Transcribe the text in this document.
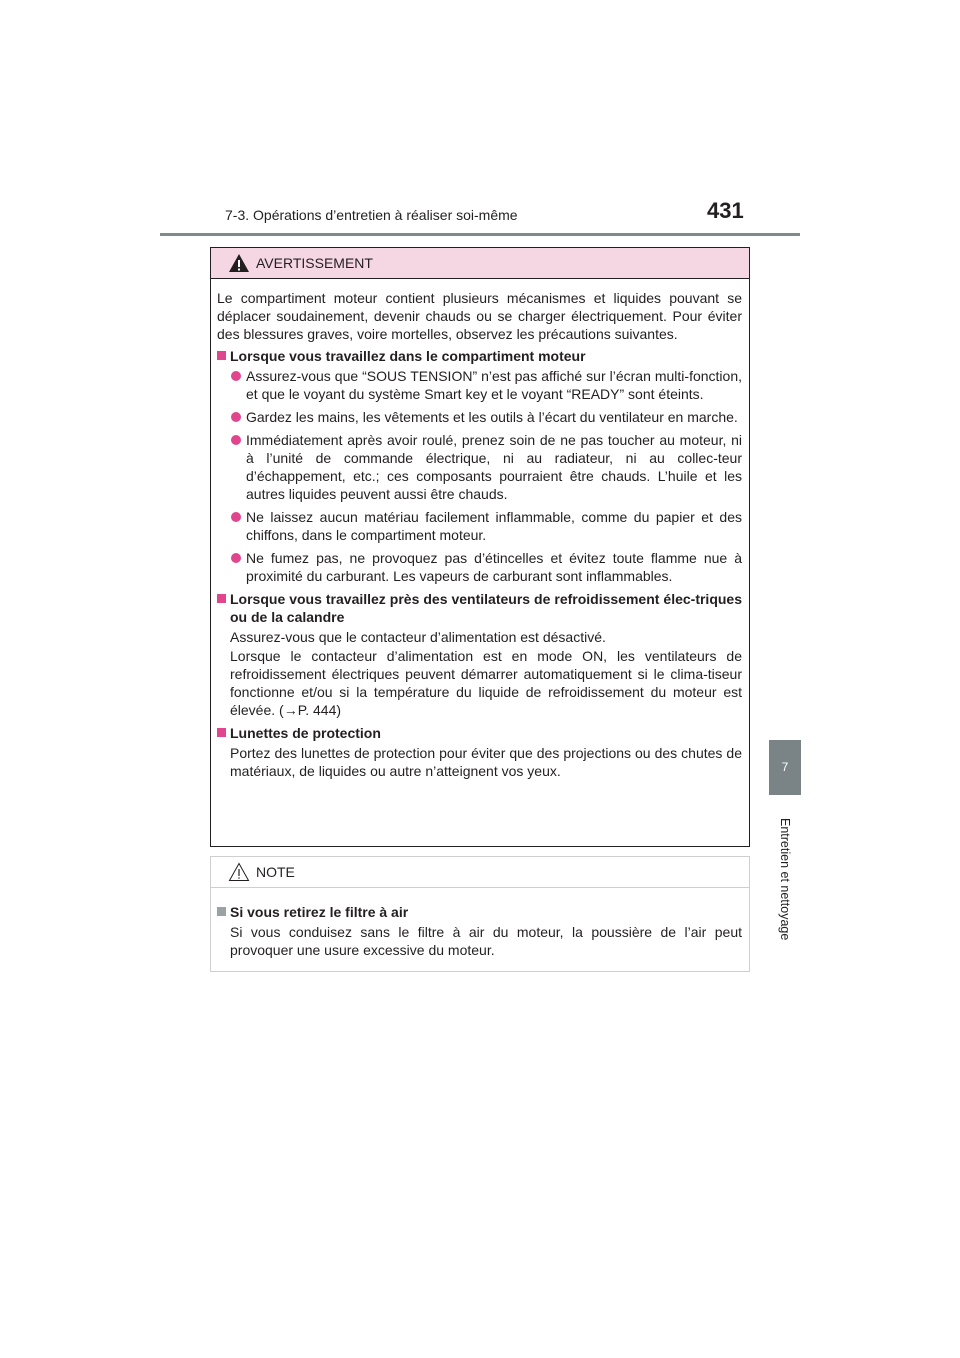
7-3. Opérations d’entretien à réaliser soi-même	431
7
Entretien et nettoyage
AVERTISSEMENT

Le compartiment moteur contient plusieurs mécanismes et liquides pouvant se déplacer soudainement, devenir chauds ou se charger électriquement. Pour éviter des blessures graves, voire mortelles, observez les précautions suivantes.

Lorsque vous travaillez dans le compartiment moteur

Assurez-vous que “SOUS TENSION” n’est pas affiché sur l’écran multi-fonction, et que le voyant du système Smart key et le voyant “READY” sont éteints.

Gardez les mains, les vêtements et les outils à l’écart du ventilateur en marche.

Immédiatement après avoir roulé, prenez soin de ne pas toucher au moteur, ni à l’unité de commande électrique, ni au radiateur, ni au collec-teur d’échappement, etc.; ces composants pourraient être chauds. L’huile et les autres liquides peuvent aussi être chauds.

Ne laissez aucun matériau facilement inflammable, comme du papier et des chiffons, dans le compartiment moteur.

Ne fumez pas, ne provoquez pas d’étincelles et évitez toute flamme nue à proximité du carburant. Les vapeurs de carburant sont inflammables.

Lorsque vous travaillez près des ventilateurs de refroidissement élec-triques ou de la calandre

Assurez-vous que le contacteur d’alimentation est désactivé.

Lorsque le contacteur d’alimentation est en mode ON, les ventilateurs de refroidissement électriques peuvent démarrer automatiquement si le clima-tiseur fonctionne et/ou si la température du liquide de refroidissement du moteur est élevée. (→P. 444)

Lunettes de protection

Portez des lunettes de protection pour éviter que des projections ou des chutes de matériaux, de liquides ou autre n’atteignent vos yeux.

NOTE

Si vous retirez le filtre à air

Si vous conduisez sans le filtre à air du moteur, la poussière de l’air peut provoquer une usure excessive du moteur.
